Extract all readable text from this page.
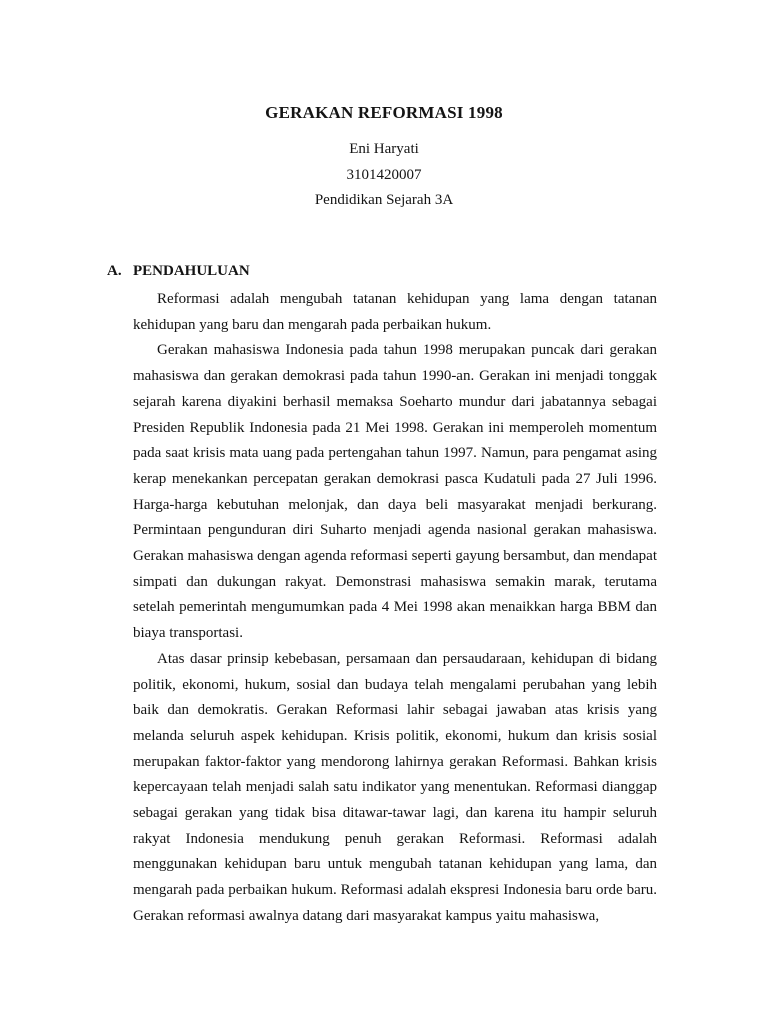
GERAKAN REFORMASI 1998
Eni Haryati
3101420007
Pendidikan Sejarah 3A
A. PENDAHULUAN

Reformasi adalah mengubah tatanan kehidupan yang lama dengan tatanan kehidupan yang baru dan mengarah pada perbaikan hukum.

Gerakan mahasiswa Indonesia pada tahun 1998 merupakan puncak dari gerakan mahasiswa dan gerakan demokrasi pada tahun 1990-an. Gerakan ini menjadi tonggak sejarah karena diyakini berhasil memaksa Soeharto mundur dari jabatannya sebagai Presiden Republik Indonesia pada 21 Mei 1998. Gerakan ini memperoleh momentum pada saat krisis mata uang pada pertengahan tahun 1997. Namun, para pengamat asing kerap menekankan percepatan gerakan demokrasi pasca Kudatuli pada 27 Juli 1996. Harga-harga kebutuhan melonjak, dan daya beli masyarakat menjadi berkurang. Permintaan pengunduran diri Suharto menjadi agenda nasional gerakan mahasiswa. Gerakan mahasiswa dengan agenda reformasi seperti gayung bersambut, dan mendapat simpati dan dukungan rakyat. Demonstrasi mahasiswa semakin marak, terutama setelah pemerintah mengumumkan pada 4 Mei 1998 akan menaikkan harga BBM dan biaya transportasi.

Atas dasar prinsip kebebasan, persamaan dan persaudaraan, kehidupan di bidang politik, ekonomi, hukum, sosial dan budaya telah mengalami perubahan yang lebih baik dan demokratis. Gerakan Reformasi lahir sebagai jawaban atas krisis yang melanda seluruh aspek kehidupan. Krisis politik, ekonomi, hukum dan krisis sosial merupakan faktor-faktor yang mendorong lahirnya gerakan Reformasi. Bahkan krisis kepercayaan telah menjadi salah satu indikator yang menentukan. Reformasi dianggap sebagai gerakan yang tidak bisa ditawar-tawar lagi, dan karena itu hampir seluruh rakyat Indonesia mendukung penuh gerakan Reformasi. Reformasi adalah menggunakan kehidupan baru untuk mengubah tatanan kehidupan yang lama, dan mengarah pada perbaikan hukum. Reformasi adalah ekspresi Indonesia baru orde baru. Gerakan reformasi awalnya datang dari masyarakat kampus yaitu mahasiswa,
